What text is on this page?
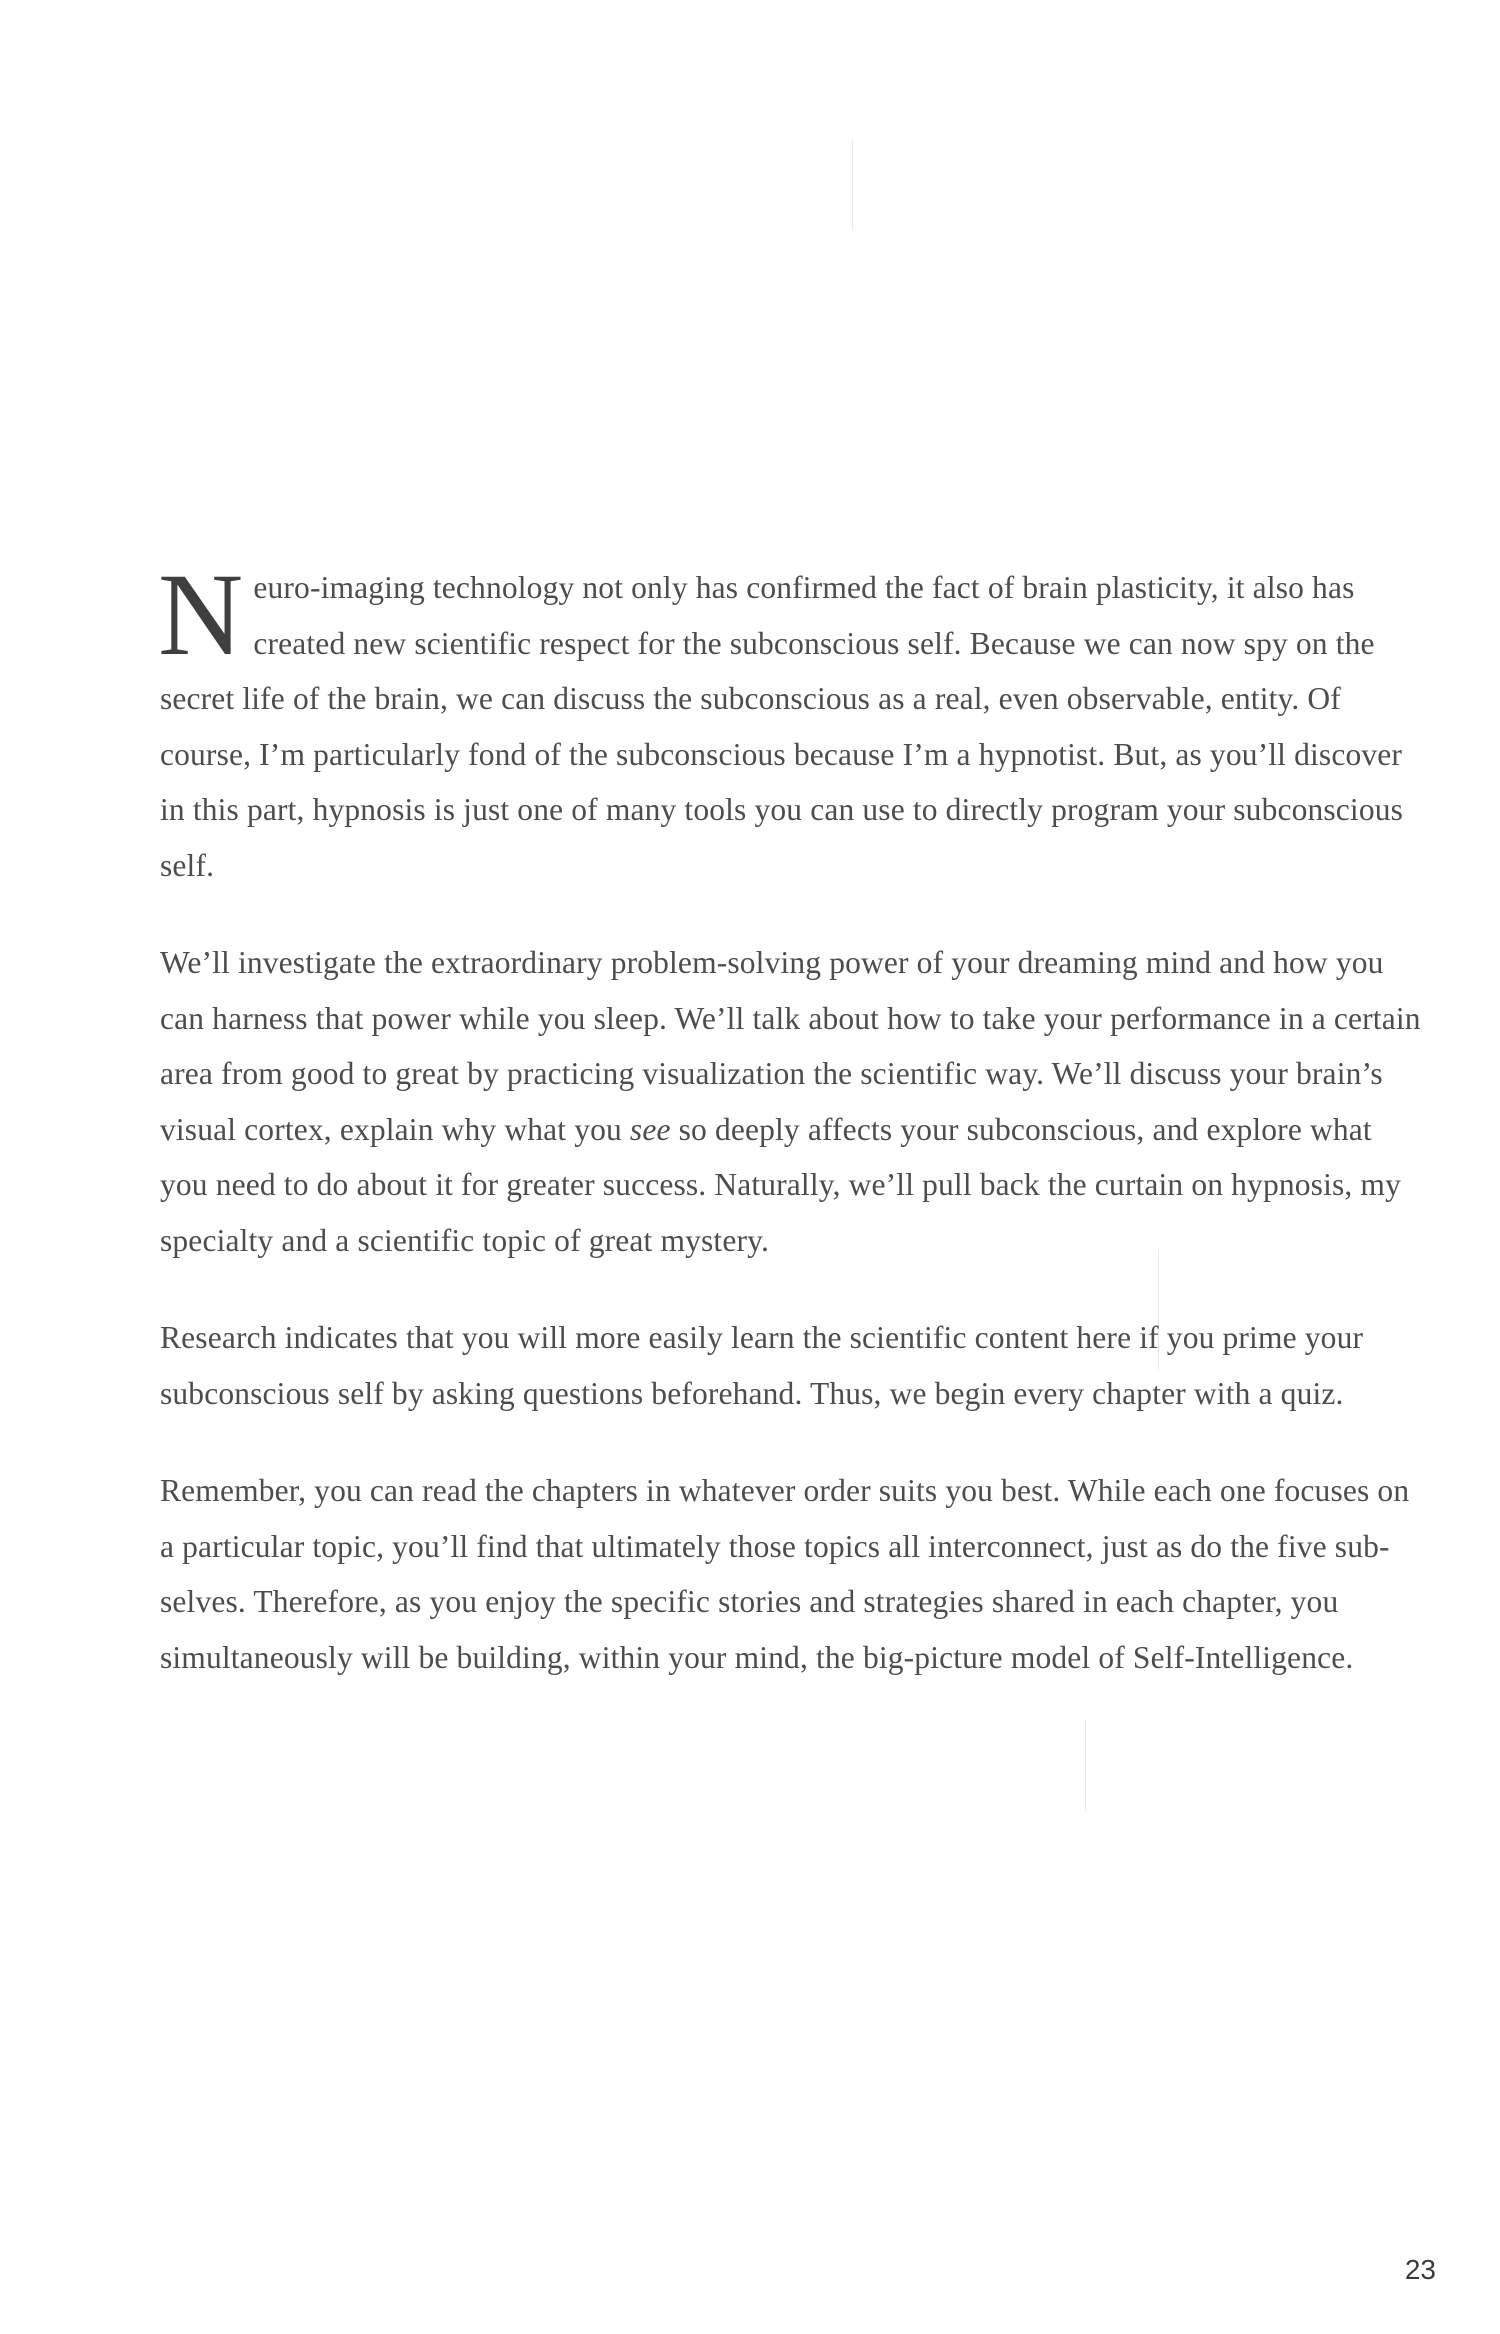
Neuro-imaging technology not only has confirmed the fact of brain plasticity, it also has created new scientific respect for the subconscious self. Because we can now spy on the secret life of the brain, we can discuss the subconscious as a real, even observable, entity. Of course, I’m particularly fond of the subconscious because I’m a hypnotist. But, as you’ll discover in this part, hypnosis is just one of many tools you can use to directly program your subconscious self.

We’ll investigate the extraordinary problem-solving power of your dreaming mind and how you can harness that power while you sleep. We’ll talk about how to take your performance in a certain area from good to great by practicing visualization the scientific way. We’ll discuss your brain’s visual cortex, explain why what you see so deeply affects your subconscious, and explore what you need to do about it for greater success. Naturally, we’ll pull back the curtain on hypnosis, my specialty and a scientific topic of great mystery.

Research indicates that you will more easily learn the scientific content here if you prime your subconscious self by asking questions beforehand. Thus, we begin every chapter with a quiz.

Remember, you can read the chapters in whatever order suits you best. While each one focuses on a particular topic, you’ll find that ultimately those topics all interconnect, just as do the five sub-selves. Therefore, as you enjoy the specific stories and strategies shared in each chapter, you simultaneously will be building, within your mind, the big-picture model of Self-Intelligence.

23
